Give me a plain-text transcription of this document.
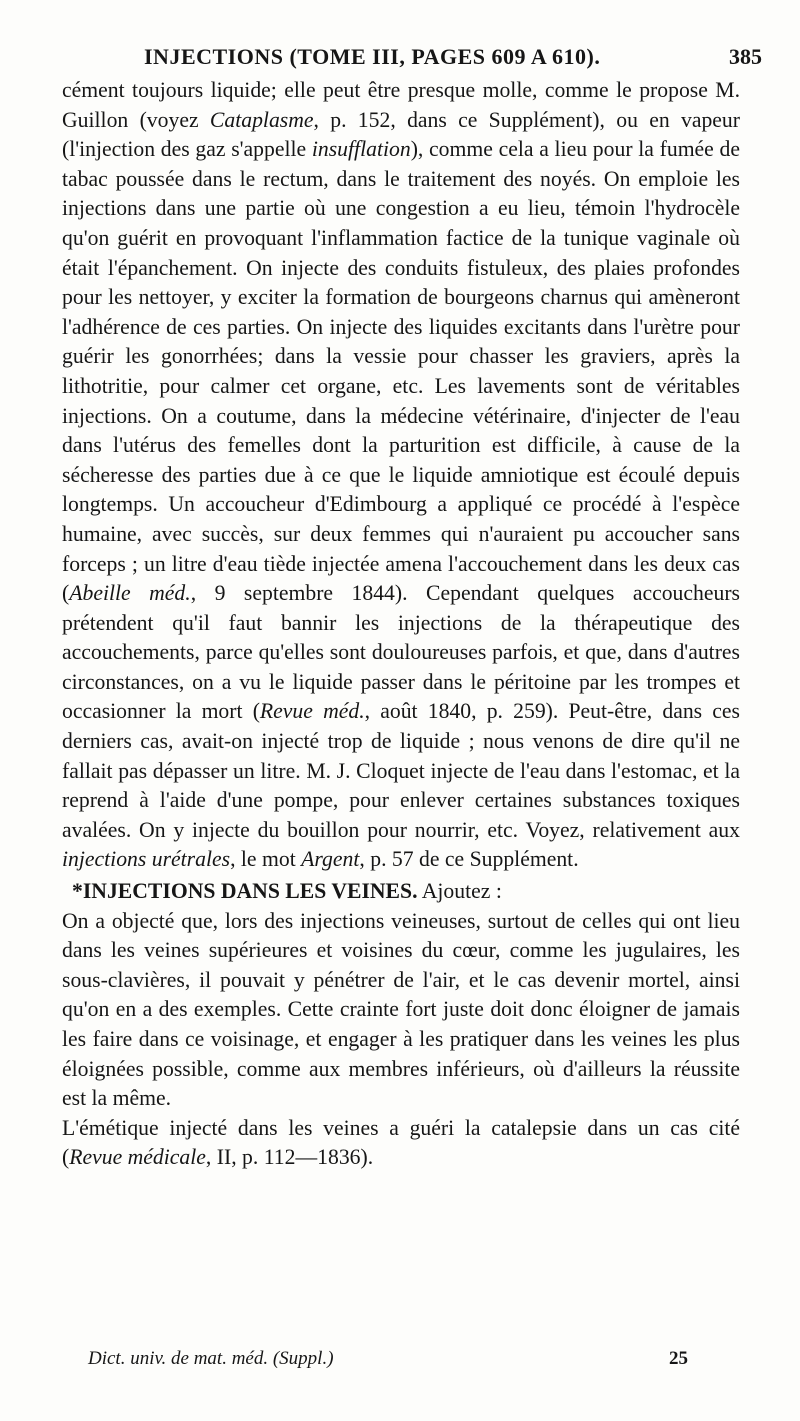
INJECTIONS (TOME III, PAGES 609 A 610).	385

cément toujours liquide; elle peut être presque molle, comme le propose M. Guillon (voyez Cataplasme, p. 152, dans ce Supplément), ou en vapeur (l'injection des gaz s'appelle insufflation), comme cela a lieu pour la fumée de tabac poussée dans le rectum, dans le traitement des noyés. On emploie les injections dans une partie où une congestion a eu lieu, témoin l'hydrocèle qu'on guérit en provoquant l'inflammation factice de la tunique vaginale où était l'épanchement. On injecte des conduits fistuleux, des plaies profondes pour les nettoyer, y exciter la formation de bourgeons charnus qui amèneront l'adhérence de ces parties. On injecte des liquides excitants dans l'urètre pour guérir les gonorrhées; dans la vessie pour chasser les graviers, après la lithotritie, pour calmer cet organe, etc. Les lavements sont de véritables injections. On a coutume, dans la médecine vétérinaire, d'injecter de l'eau dans l'utérus des femelles dont la parturition est difficile, à cause de la sécheresse des parties due à ce que le liquide amniotique est écoulé depuis longtemps. Un accoucheur d'Edimbourg a appliqué ce procédé à l'espèce humaine, avec succès, sur deux femmes qui n'auraient pu accoucher sans forceps ; un litre d'eau tiède injectée amena l'accouchement dans les deux cas (Abeille méd., 9 septembre 1844). Cependant quelques accoucheurs prétendent qu'il faut bannir les injections de la thérapeutique des accouchements, parce qu'elles sont douloureuses parfois, et que, dans d'autres circonstances, on a vu le liquide passer dans le péritoine par les trompes et occasionner la mort (Revue méd., août 1840, p. 259). Peut-être, dans ces derniers cas, avait-on injecté trop de liquide ; nous venons de dire qu'il ne fallait pas dépasser un litre. M. J. Cloquet injecte de l'eau dans l'estomac, et la reprend à l'aide d'une pompe, pour enlever certaines substances toxiques avalées. On y injecte du bouillon pour nourrir, etc. Voyez, relativement aux injections urétrales, le mot Argent, p. 57 de ce Supplément.

*INJECTIONS DANS LES VEINES. Ajoutez :

On a objecté que, lors des injections veineuses, surtout de celles qui ont lieu dans les veines supérieures et voisines du cœur, comme les jugulaires, les sous-clavières, il pouvait y pénétrer de l'air, et le cas devenir mortel, ainsi qu'on en a des exemples. Cette crainte fort juste doit donc éloigner de jamais les faire dans ce voisinage, et engager à les pratiquer dans les veines les plus éloignées possible, comme aux membres inférieurs, où d'ailleurs la réussite est la même.

L'émétique injecté dans les veines a guéri la catalepsie dans un cas cité (Revue médicale, II, p. 112—1836).

Dict. univ. de mat. méd. (Suppl.)	25
